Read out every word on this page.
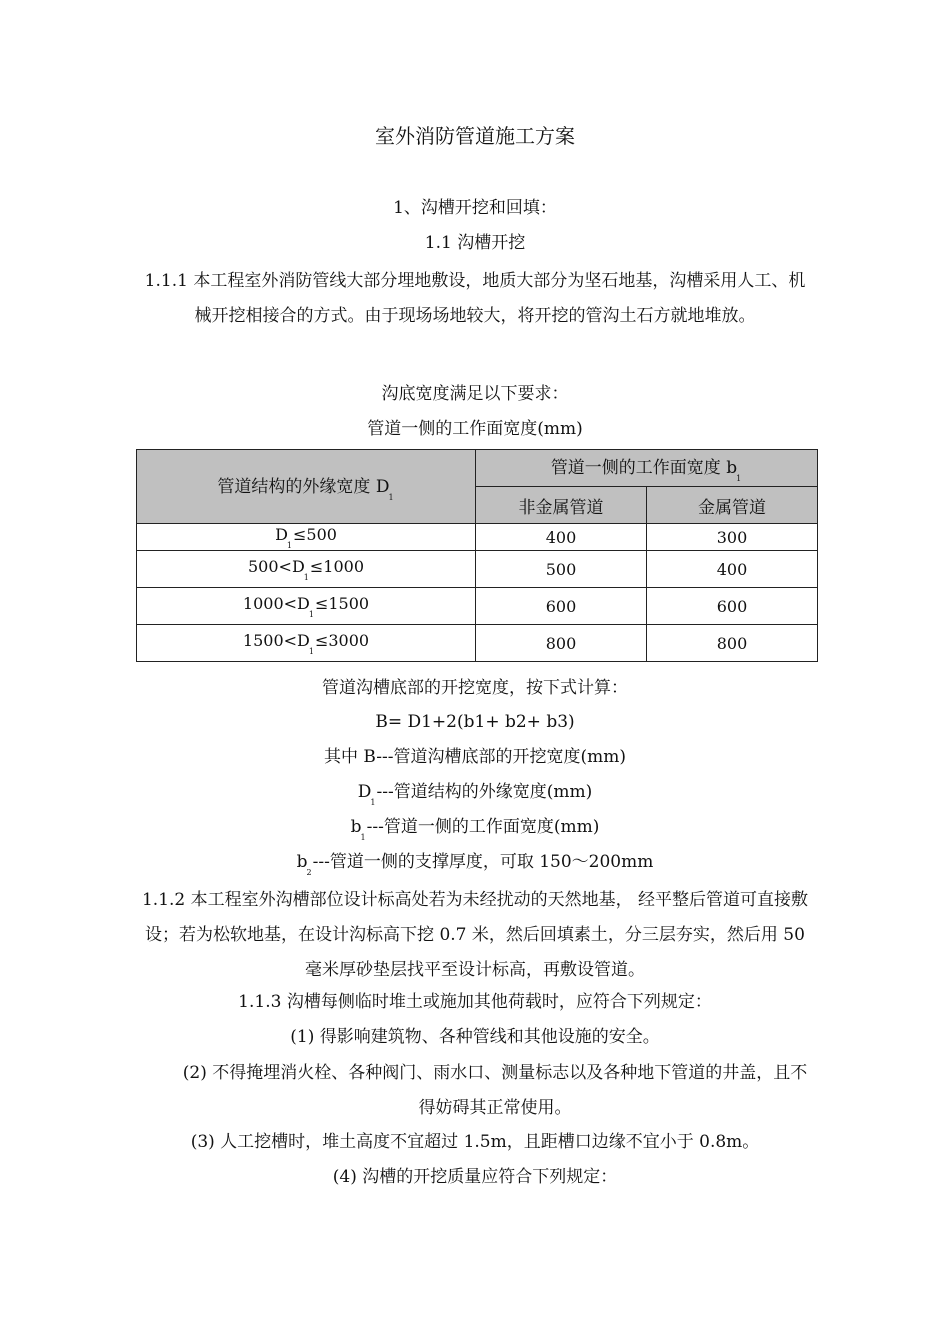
室外消防管道施工方案
1、沟槽开挖和回填：
1.1 沟槽开挖
1.1.1 本工程室外消防管线大部分埋地敷设，地质大部分为坚石地基，沟槽采用人工、机械开挖相接合的方式。由于现场场地较大，将开挖的管沟土石方就地堆放。
沟底宽度满足以下要求：
管道一侧的工作面宽度(mm)
管道结构的外缘宽度 $D_1$	管道一侧的工作面宽度 $b_1$
	非金属管道	金属管道
$D_1\le 500$	400	300
$500<D_1\le 1000$	500	400
$1000<D_1\le 1500$	600	600
$1500<D_1\le 3000$	800	800
管道沟槽底部的开挖宽度，按下式计算：
B= D1+2(b1+ b2+ b3)
其中 B---管道沟槽底部的开挖宽度(mm)
$D_1---$管道结构的外缘宽度(mm)
$b_1---$管道一侧的工作面宽度(mm)
$b_2---$管道一侧的支撑厚度，可取 150～200mm
1.1.2 本工程室外沟槽部位设计标高处若为未经扰动的天然地基， 经平整后管道可直接敷设；若为松软地基，在设计沟标高下挖 0.7 米，然后回填素土，分三层夯实，然后用 50 毫米厚砂垫层找平至设计标高，再敷设管道。
1.1.3 沟槽每侧临时堆土或施加其他荷载时，应符合下列规定：
(1) 得影响建筑物、各种管线和其他设施的安全。
(2) 不得掩埋消火栓、各种阀门、雨水口、测量标志以及各种地下管道的井盖，且不得妨碍其正常使用。
(3) 人工挖槽时，堆土高度不宜超过 1.5m，且距槽口边缘不宜小于 0.8m。
(4) 沟槽的开挖质量应符合下列规定：
